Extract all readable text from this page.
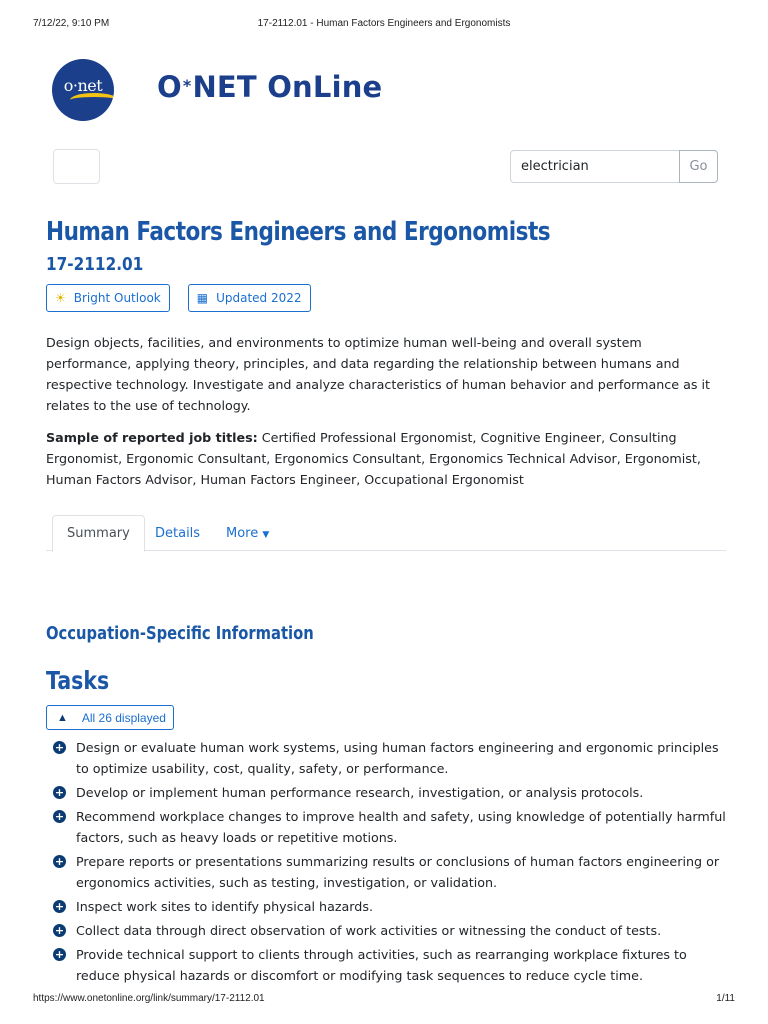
7/12/22, 9:10 PM	17-2112.01 - Human Factors Engineers and Ergonomists
o·net	O*NET OnLine
electrician
Go
Human Factors Engineers and Ergonomists
17-2112.01
☀ Bright Outlook	▦ Updated 2022

Design objects, facilities, and environments to optimize human well-being and overall system performance, applying theory, principles, and data regarding the relationship between humans and respective technology. Investigate and analyze characteristics of human behavior and performance as it relates to the use of technology.

Sample of reported job titles: Certified Professional Ergonomist, Cognitive Engineer, Consulting Ergonomist, Ergonomic Consultant, Ergonomics Consultant, Ergonomics Technical Advisor, Ergonomist, Human Factors Advisor, Human Factors Engineer, Occupational Ergonomist

Summary	Details	More ▼
Occupation-Specific Information
Tasks
▲ All 26 displayed
+ Design or evaluate human work systems, using human factors engineering and ergonomic principles to optimize usability, cost, quality, safety, or performance.
+ Develop or implement human performance research, investigation, or analysis protocols.
+ Recommend workplace changes to improve health and safety, using knowledge of potentially harmful factors, such as heavy loads or repetitive motions.
+ Prepare reports or presentations summarizing results or conclusions of human factors engineering or ergonomics activities, such as testing, investigation, or validation.
+ Inspect work sites to identify physical hazards.
+ Collect data through direct observation of work activities or witnessing the conduct of tests.
+ Provide technical support to clients through activities, such as rearranging workplace fixtures to reduce physical hazards or discomfort or modifying task sequences to reduce cycle time.
https://www.onetonline.org/link/summary/17-2112.01	1/11
